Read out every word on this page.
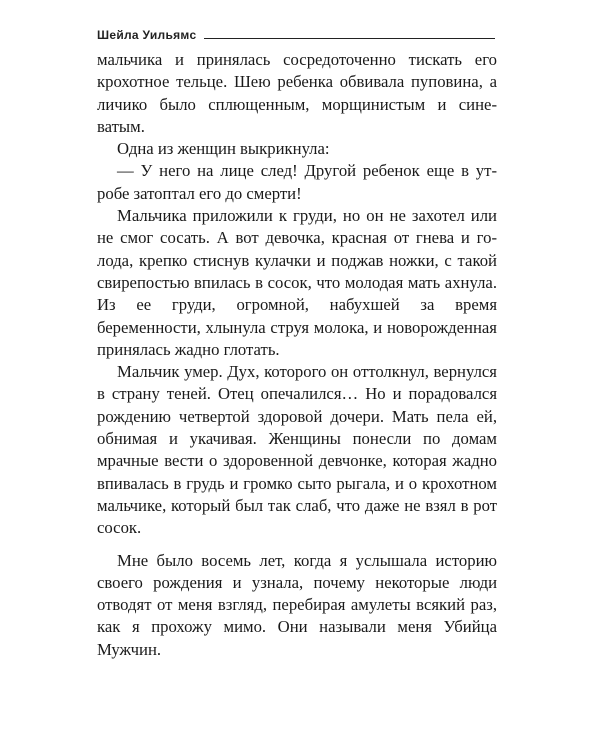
Шейла Уильямс

мальчика и принялась сосредоточенно тискать его крохотное тельце. Шею ребенка обвивала пуповина, а личико было сплющенным, морщинистым и синеватым.

Одна из женщин выкрикнула:

— У него на лице след! Другой ребенок еще в утробе затоптал его до смерти!

Мальчика приложили к груди, но он не захотел или не смог сосать. А вот девочка, красная от гнева и голода, крепко стиснув кулачки и поджав ножки, с такой свирепостью впилась в сосок, что молодая мать ахнула. Из ее груди, огромной, набухшей за время беременности, хлынула струя молока, и новорожденная принялась жадно глотать.

Мальчик умер. Дух, которого он оттолкнул, вернулся в страну теней. Отец опечалился… Но и порадовался рождению четвертой здоровой дочери. Мать пела ей, обнимая и укачивая. Женщины понесли по домам мрачные вести о здоровенной девчонке, которая жадно впивалась в грудь и громко сыто рыгала, и о крохотном мальчике, который был так слаб, что даже не взял в рот сосок.

Мне было восемь лет, когда я услышала историю своего рождения и узнала, почему некоторые люди отводят от меня взгляд, перебирая амулеты всякий раз, как я прохожу мимо. Они называли меня Убийца Мужчин.
